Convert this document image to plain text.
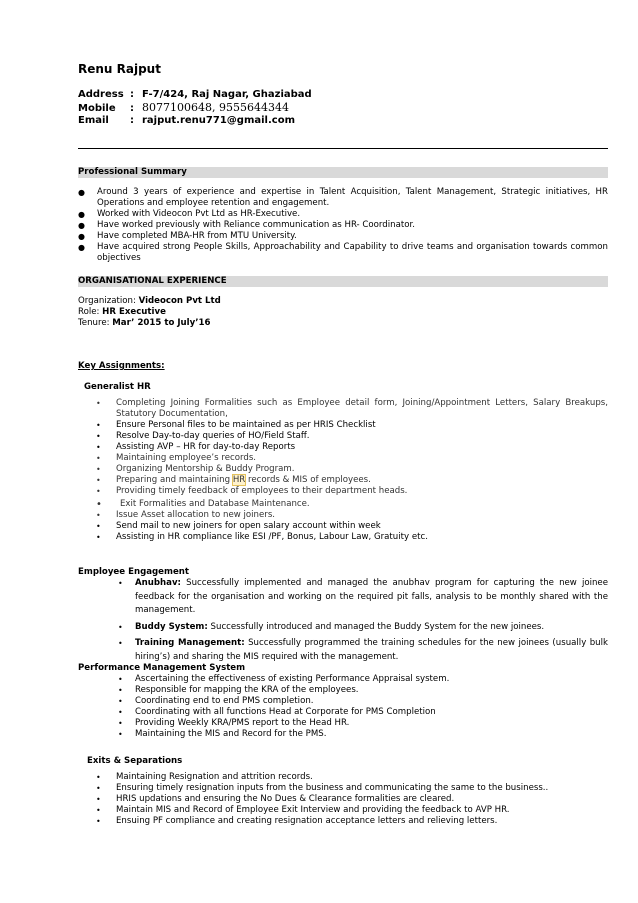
Renu Rajput
Address : F-7/424, Raj Nagar, Ghaziabad
Mobile : 8077100648, 9555644344
Email : rajput.renu771@gmail.com
Professional Summary
● Around 3 years of experience and expertise in Talent Acquisition, Talent Management, Strategic initiatives, HR Operations and employee retention and engagement.
● Worked with Videocon Pvt Ltd as HR-Executive.
● Have worked previously with Reliance communication as HR- Coordinator.
● Have completed MBA-HR from MTU University.
● Have acquired strong People Skills, Approachability and Capability to drive teams and organisation towards common objectives
ORGANISATIONAL EXPERIENCE
Organization: Videocon Pvt Ltd
Role: HR Executive
Tenure: Mar’ 2015 to July’16
Key Assignments:
Generalist HR
• Completing Joining Formalities such as Employee detail form, Joining/Appointment Letters, Salary Breakups, Statutory Documentation,
• Ensure Personal files to be maintained as per HRIS Checklist
• Resolve Day-to-day queries of HO/Field Staff.
• Assisting AVP – HR for day-to-day Reports
• Maintaining employee’s records.
• Organizing Mentorship & Buddy Program.
• Preparing and maintaining HR records & MIS of employees.
• Providing timely feedback of employees to their department heads.
• Exit Formalities and Database Maintenance.
• Issue Asset allocation to new joiners.
• Send mail to new joiners for open salary account within week
• Assisting in HR compliance like ESI /PF, Bonus, Labour Law, Gratuity etc.
Employee Engagement
• Anubhav: Successfully implemented and managed the anubhav program for capturing the new joinee feedback for the organisation and working on the required pit falls, analysis to be monthly shared with the management.
• Buddy System: Successfully introduced and managed the Buddy System for the new joinees.
• Training Management: Successfully programmed the training schedules for the new joinees (usually bulk hiring’s) and sharing the MIS required with the management.
Performance Management System
• Ascertaining the effectiveness of existing Performance Appraisal system.
• Responsible for mapping the KRA of the employees.
• Coordinating end to end PMS completion.
• Coordinating with all functions Head at Corporate for PMS Completion
• Providing Weekly KRA/PMS report to the Head HR.
• Maintaining the MIS and Record for the PMS.
Exits & Separations
• Maintaining Resignation and attrition records.
• Ensuring timely resignation inputs from the business and communicating the same to the business..
• HRIS updations and ensuring the No Dues & Clearance formalities are cleared.
• Maintain MIS and Record of Employee Exit Interview and providing the feedback to AVP HR.
• Ensuing PF compliance and creating resignation acceptance letters and relieving letters.
